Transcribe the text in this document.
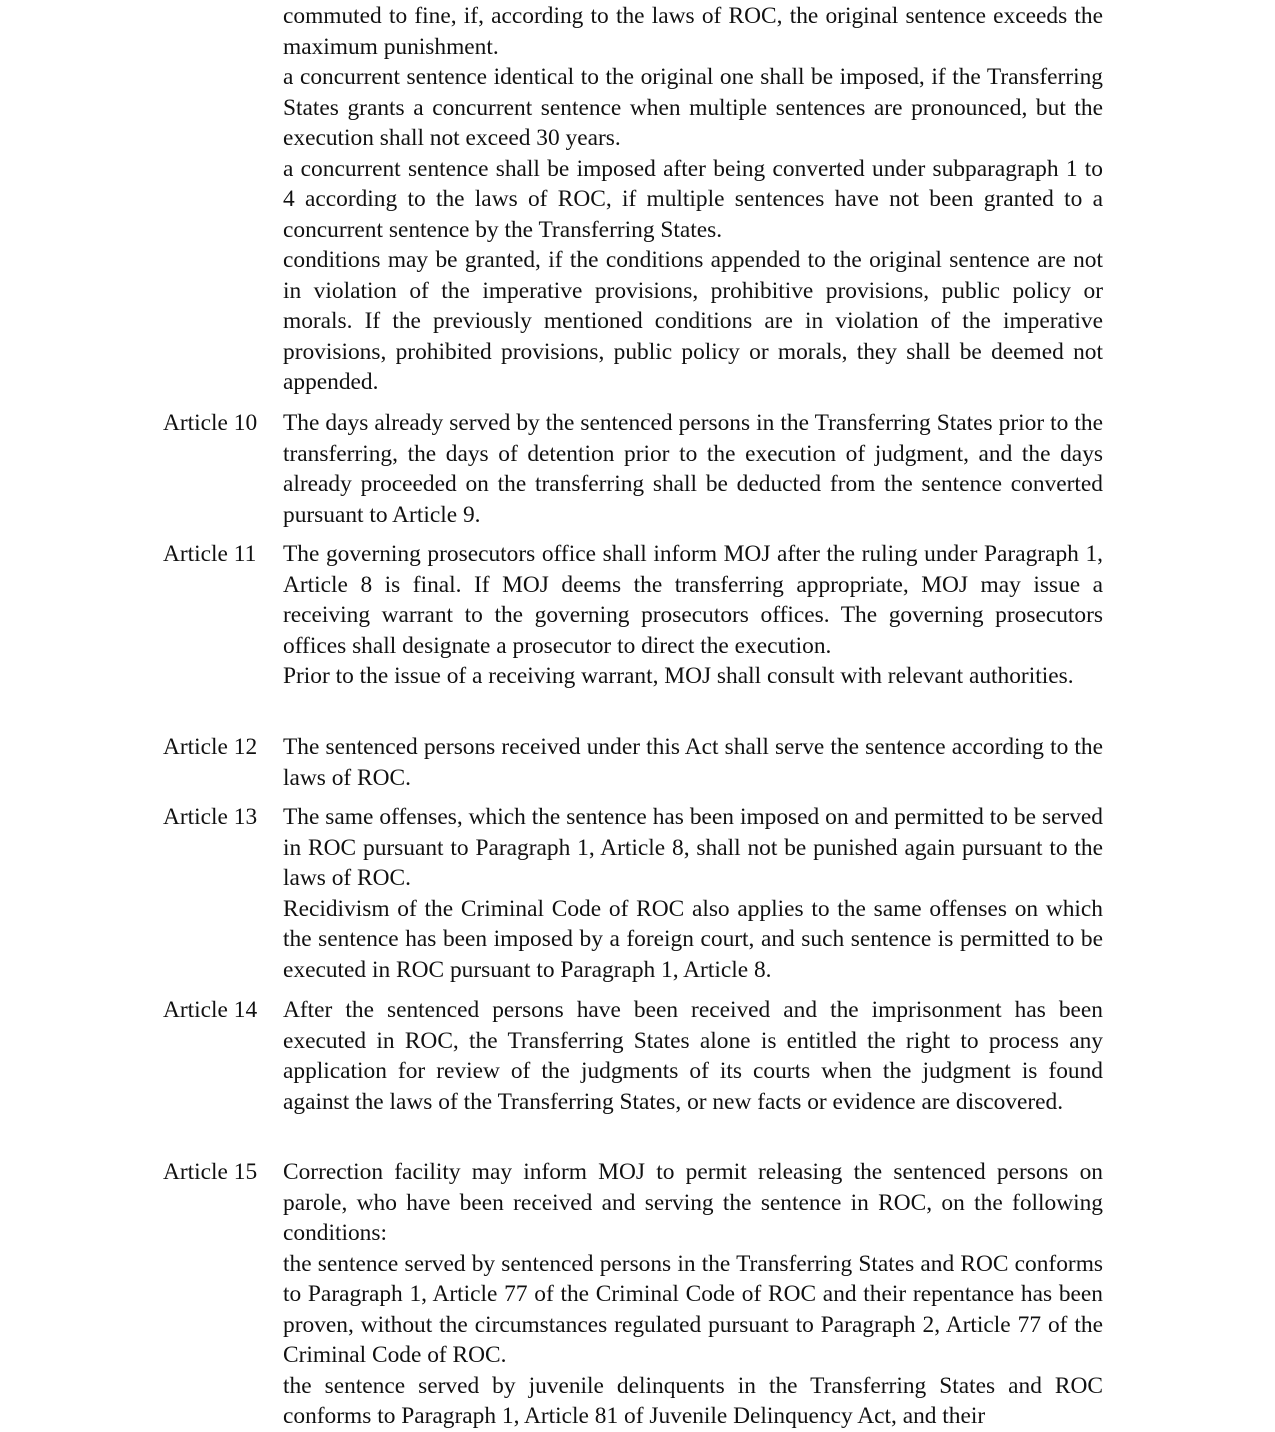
commuted to fine, if, according to the laws of ROC, the original sentence exceeds the maximum punishment.

a concurrent sentence identical to the original one shall be imposed, if the Transferring States grants a concurrent sentence when multiple sentences are pronounced, but the execution shall not exceed 30 years.

a concurrent sentence shall be imposed after being converted under subparagraph 1 to 4 according to the laws of ROC, if multiple sentences have not been granted to a concurrent sentence by the Transferring States.

conditions may be granted, if the conditions appended to the original sentence are not in violation of the imperative provisions, prohibitive provisions, public policy or morals. If the previously mentioned conditions are in violation of the imperative provisions, prohibited provisions, public policy or morals, they shall be deemed not appended.

Article 10	The days already served by the sentenced persons in the Transferring States prior to the transferring, the days of detention prior to the execution of judgment, and the days already proceeded on the transferring shall be deducted from the sentence converted pursuant to Article 9.

Article 11	The governing prosecutors office shall inform MOJ after the ruling under Paragraph 1, Article 8 is final. If MOJ deems the transferring appropriate, MOJ may issue a receiving warrant to the governing prosecutors offices. The governing prosecutors offices shall designate a prosecutor to direct the execution.

Prior to the issue of a receiving warrant, MOJ shall consult with relevant authorities.

Article 12	The sentenced persons received under this Act shall serve the sentence according to the laws of ROC.

Article 13	The same offenses, which the sentence has been imposed on and permitted to be served in ROC pursuant to Paragraph 1, Article 8, shall not be punished again pursuant to the laws of ROC.

Recidivism of the Criminal Code of ROC also applies to the same offenses on which the sentence has been imposed by a foreign court, and such sentence is permitted to be executed in ROC pursuant to Paragraph 1, Article 8.

Article 14	After the sentenced persons have been received and the imprisonment has been executed in ROC, the Transferring States alone is entitled the right to process any application for review of the judgments of its courts when the judgment is found against the laws of the Transferring States, or new facts or evidence are discovered.

Article 15	Correction facility may inform MOJ to permit releasing the sentenced persons on parole, who have been received and serving the sentence in ROC, on the following conditions:

the sentence served by sentenced persons in the Transferring States and ROC conforms to Paragraph 1, Article 77 of the Criminal Code of ROC and their repentance has been proven, without the circumstances regulated pursuant to Paragraph 2, Article 77 of the Criminal Code of ROC.

the sentence served by juvenile delinquents in the Transferring States and ROC conforms to Paragraph 1, Article 81 of Juvenile Delinquency Act, and their
